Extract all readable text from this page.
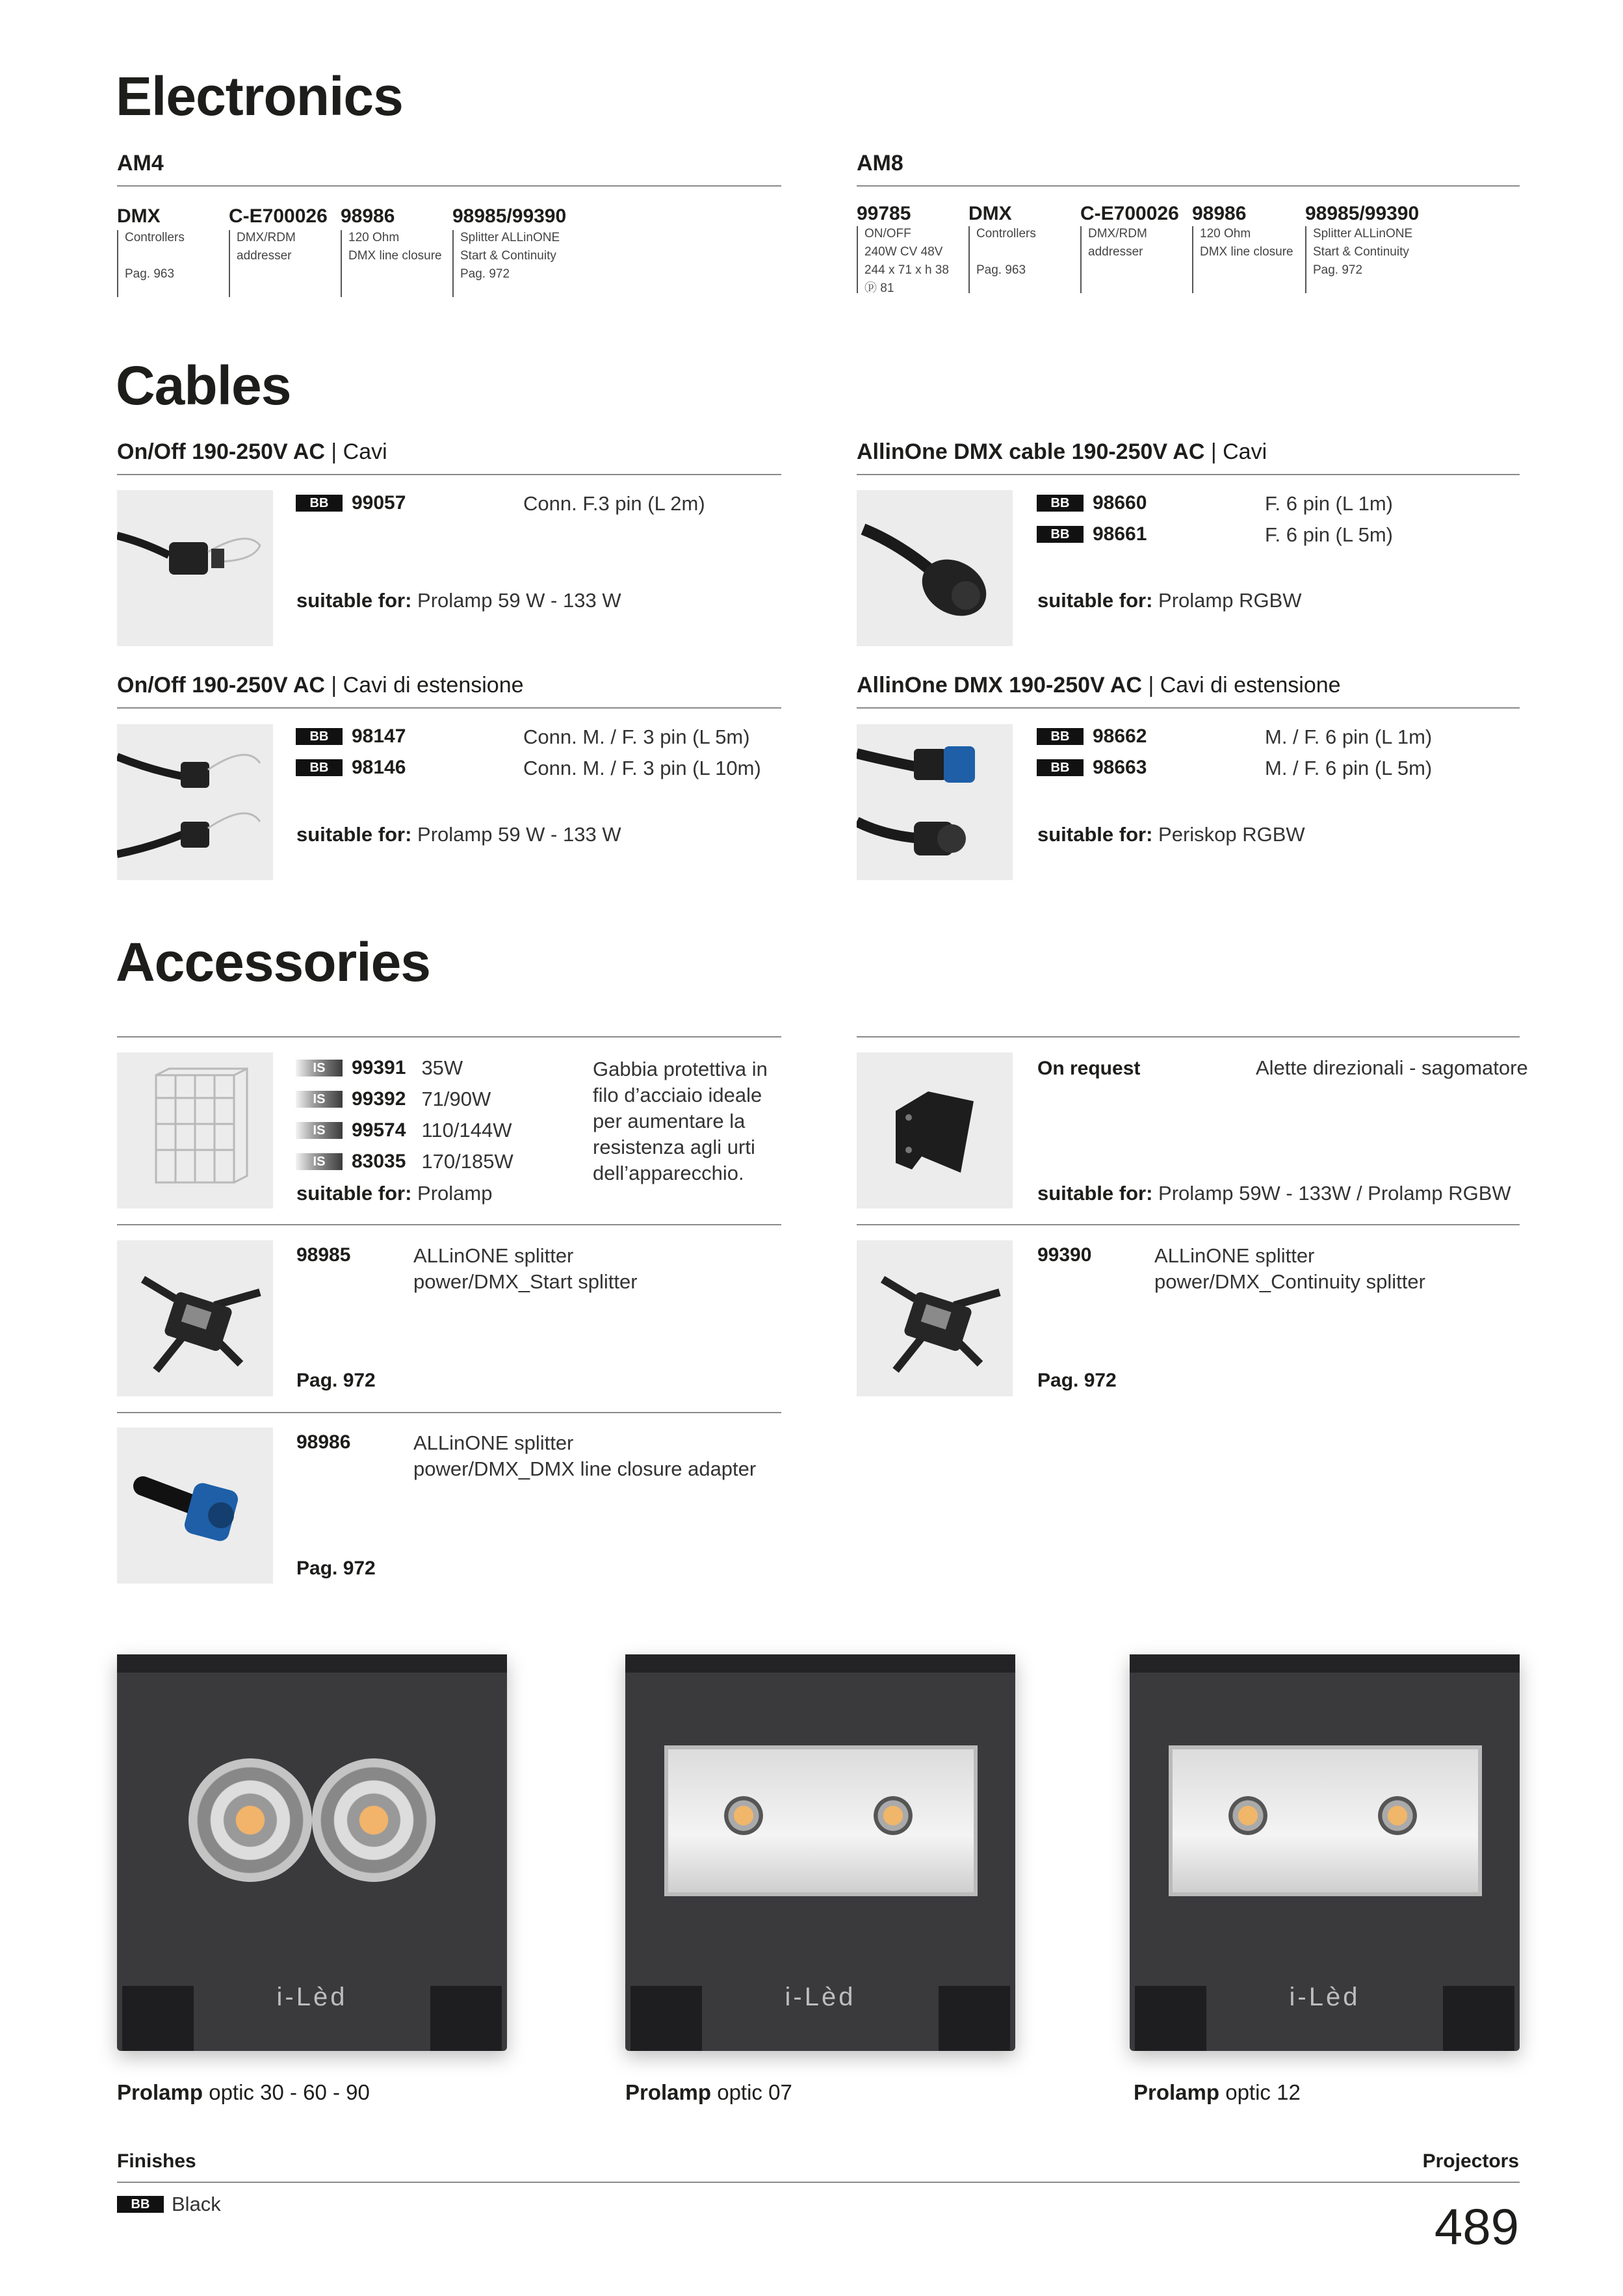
Electronics
AM4
DMX
Controllers
Pag. 963
C-E700026
DMX/RDM
addresser
98986
120 Ohm
DMX line closure
98985/99390
Splitter ALLinONE
Start & Continuity
Pag. 972
AM8
99785
ON/OFF
240W CV 48V
244 x 71 x h 38
ⓟ 81
DMX
Controllers
Pag. 963
C-E700026
DMX/RDM
addresser
98986
120 Ohm
DMX line closure
98985/99390
Splitter ALLinONE
Start & Continuity
Pag. 972
Cables
On/Off 190-250V AC | Cavi
BB	99057	Conn. F.3 pin (L 2m)
suitable for: Prolamp 59 W - 133 W
AllinOne DMX cable 190-250V AC | Cavi
BB	98660	F. 6 pin (L 1m)
BB	98661	F. 6 pin (L 5m)
suitable for: Prolamp RGBW
On/Off 190-250V AC | Cavi di estensione
BB	98147	Conn. M. / F. 3 pin (L 5m)
BB	98146	Conn. M. / F. 3 pin (L 10m)
suitable for: Prolamp 59 W - 133 W
AllinOne DMX 190-250V AC | Cavi di estensione
BB	98662	M. / F. 6 pin (L 1m)
BB	98663	M. / F. 6 pin (L 5m)
suitable for: Periskop RGBW
Accessories
IS	99391 35W
IS	99392 71/90W
IS	99574 110/144W
IS	83035 170/185W
Gabbia protettiva in
filo d’acciaio ideale
per aumentare la
resistenza agli urti
dell’apparecchio.
suitable for: Prolamp
On request	Alette direzionali - sagomatore
suitable for: Prolamp 59W - 133W / Prolamp RGBW
98985	ALLinONE splitter
power/DMX_Start splitter
Pag. 972
99390	ALLinONE splitter
power/DMX_Continuity splitter
Pag. 972
98986	ALLinONE splitter
power/DMX_DMX line closure adapter
Pag. 972
i-Lèd	i-Lèd	i-Lèd
Prolamp optic 30 - 60 - 90	Prolamp optic 07	Prolamp optic 12
Finishes	Projectors
BB	Black	489
